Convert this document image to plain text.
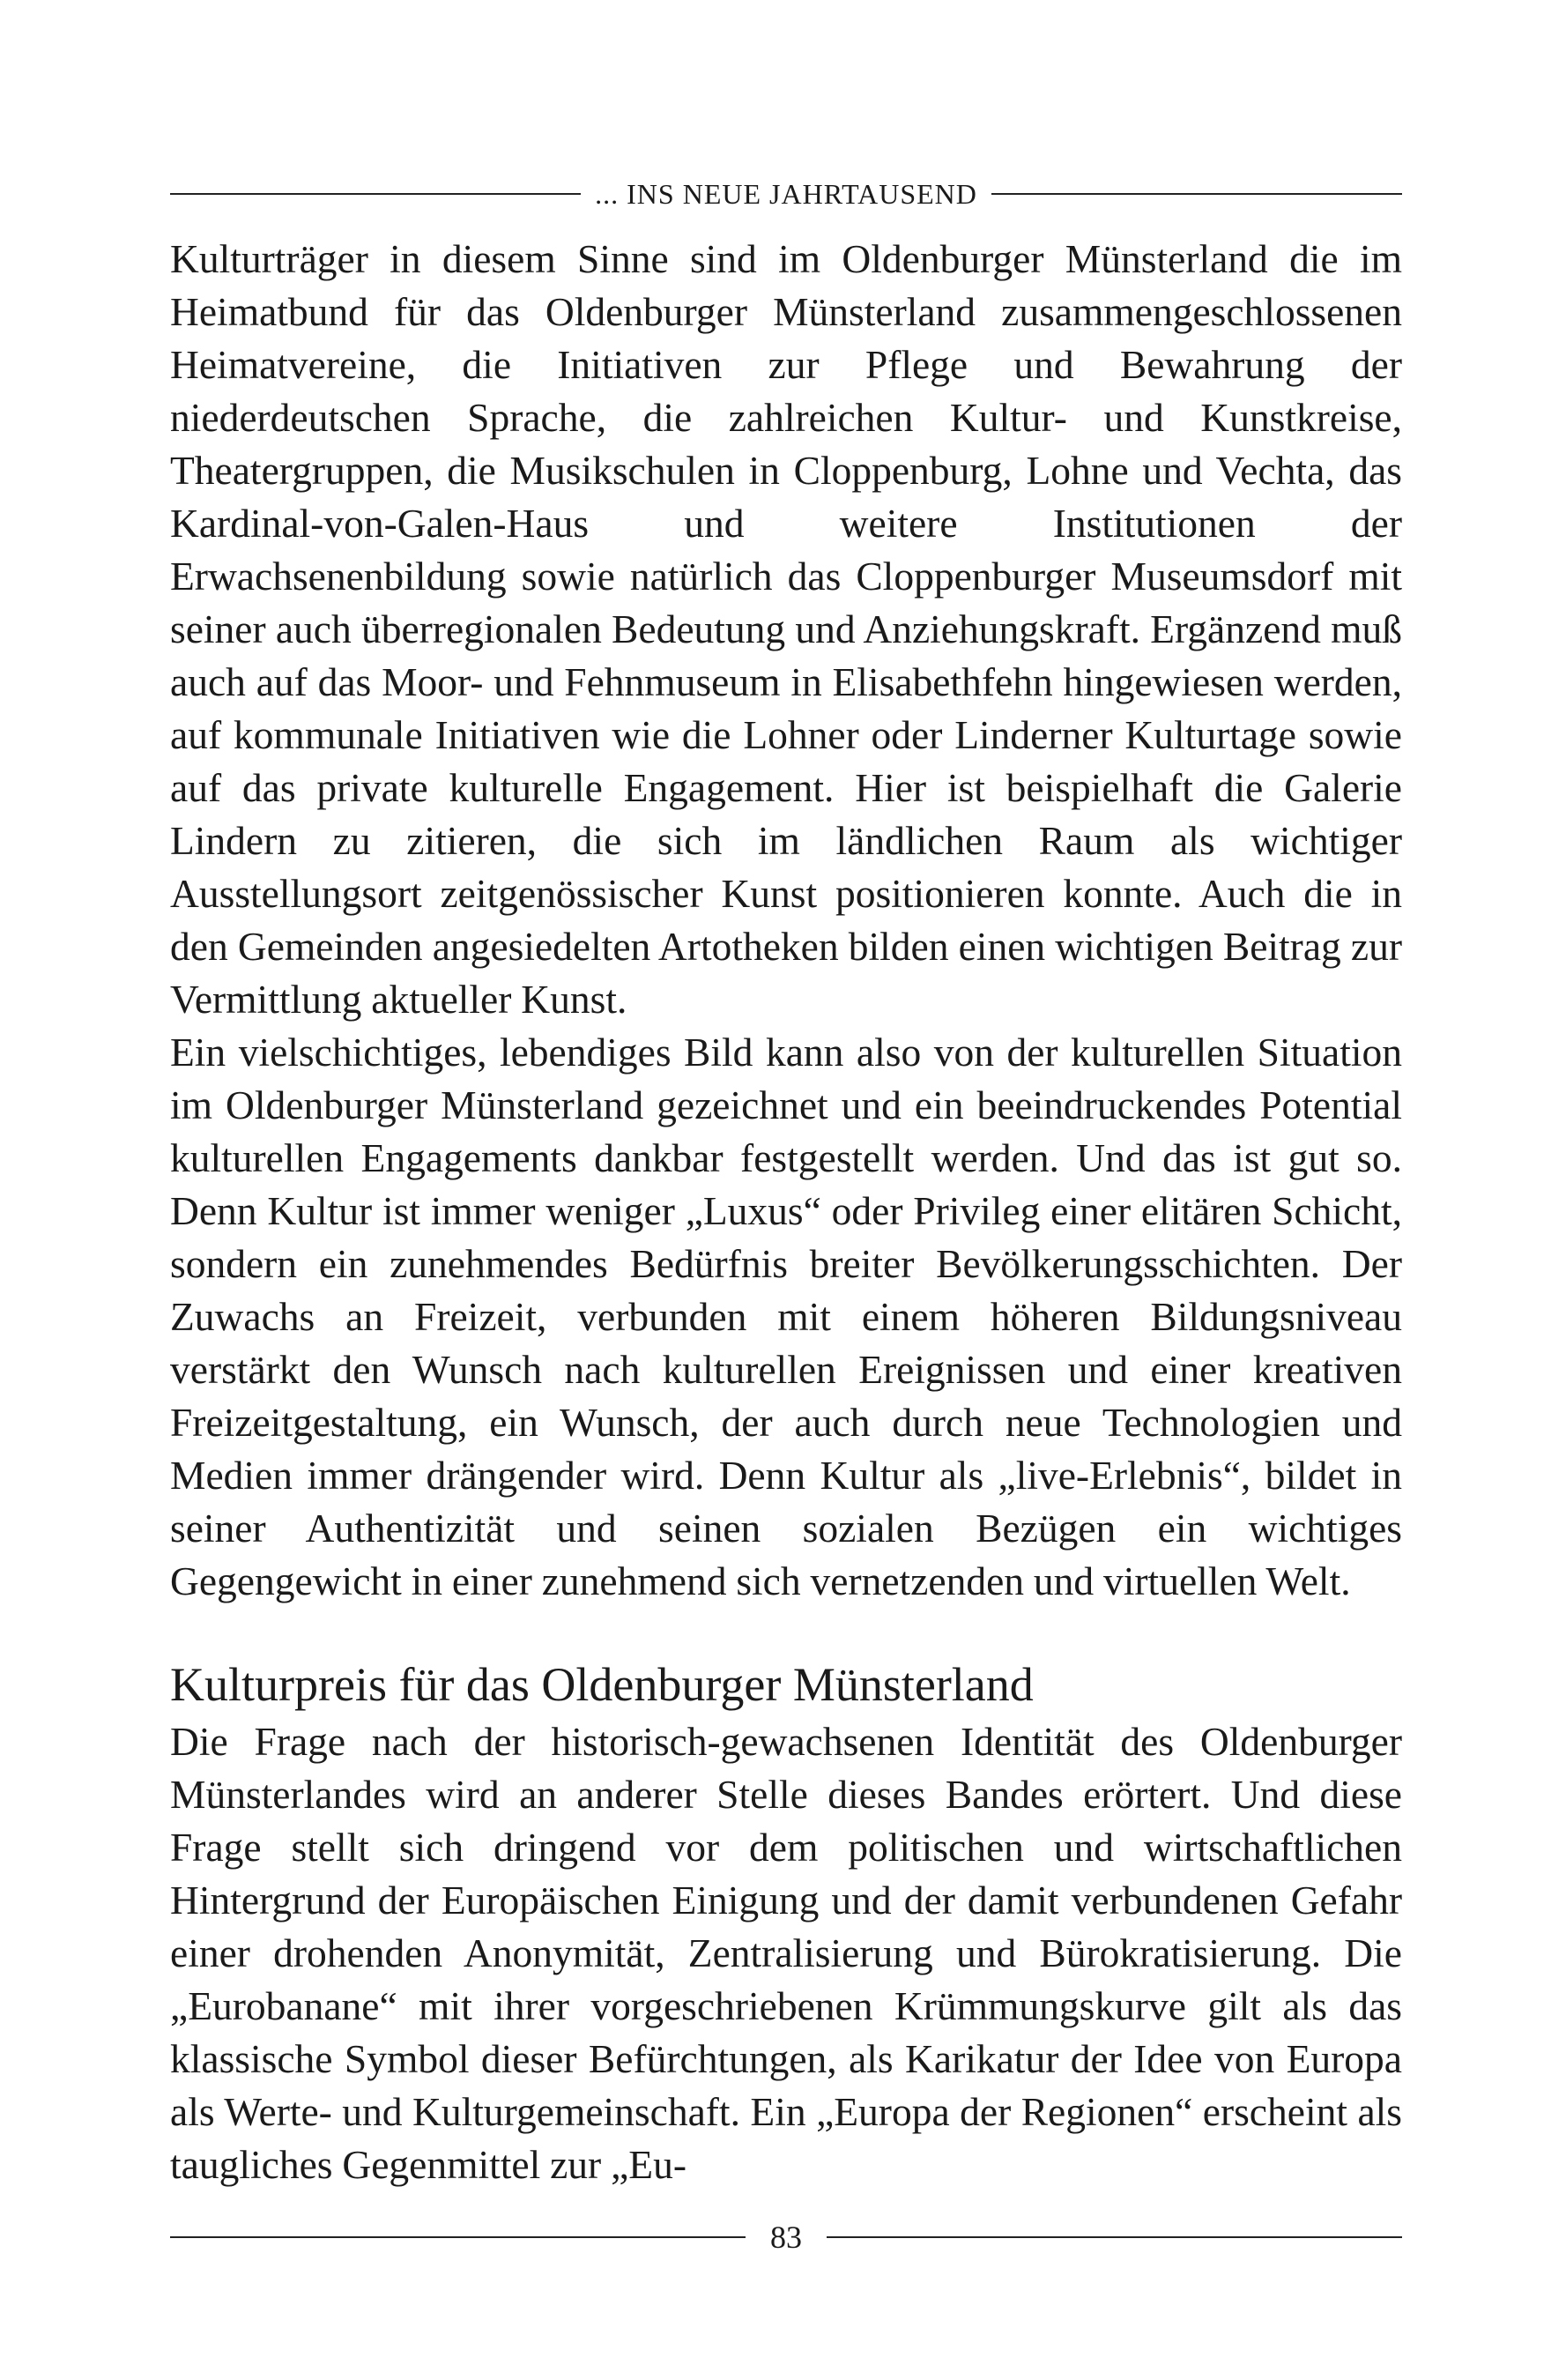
... INS NEUE JAHRTAUSEND

Kulturträger in diesem Sinne sind im Oldenburger Münsterland die im Heimatbund für das Oldenburger Münsterland zusammengeschlossenen Heimatvereine, die Initiativen zur Pflege und Bewahrung der niederdeutschen Sprache, die zahlreichen Kultur- und Kunstkreise, Theatergruppen, die Musikschulen in Cloppenburg, Lohne und Vechta, das Kardinal-von-Galen-Haus und weitere Institutionen der Erwachsenenbildung sowie natürlich das Cloppenburger Museumsdorf mit seiner auch überregionalen Bedeutung und Anziehungskraft. Ergänzend muß auch auf das Moor- und Fehnmuseum in Elisabethfehn hingewiesen werden, auf kommunale Initiativen wie die Lohner oder Linderner Kulturtage sowie auf das private kulturelle Engagement. Hier ist beispielhaft die Galerie Lindern zu zitieren, die sich im ländlichen Raum als wichtiger Ausstellungsort zeitgenössischer Kunst positionieren konnte. Auch die in den Gemeinden angesiedelten Artotheken bilden einen wichtigen Beitrag zur Vermittlung aktueller Kunst.

Ein vielschichtiges, lebendiges Bild kann also von der kulturellen Situation im Oldenburger Münsterland gezeichnet und ein beeindruckendes Potential kulturellen Engagements dankbar festgestellt werden. Und das ist gut so. Denn Kultur ist immer weniger „Luxus“ oder Privileg einer elitären Schicht, sondern ein zunehmendes Bedürfnis breiter Bevölkerungsschichten. Der Zuwachs an Freizeit, verbunden mit einem höheren Bildungsniveau verstärkt den Wunsch nach kulturellen Ereignissen und einer kreativen Freizeitgestaltung, ein Wunsch, der auch durch neue Technologien und Medien immer drängender wird. Denn Kultur als „live-Erlebnis“, bildet in seiner Authentizität und seinen sozialen Bezügen ein wichtiges Gegengewicht in einer zunehmend sich vernetzenden und virtuellen Welt.

Kulturpreis für das Oldenburger Münsterland

Die Frage nach der historisch-gewachsenen Identität des Oldenburger Münsterlandes wird an anderer Stelle dieses Bandes erörtert. Und diese Frage stellt sich dringend vor dem politischen und wirtschaftlichen Hintergrund der Europäischen Einigung und der damit verbundenen Gefahr einer drohenden Anonymität, Zentralisierung und Bürokratisierung. Die „Eurobanane“ mit ihrer vorgeschriebenen Krümmungskurve gilt als das klassische Symbol dieser Befürchtungen, als Karikatur der Idee von Europa als Werte- und Kulturgemeinschaft. Ein „Europa der Regionen“ erscheint als taugliches Gegenmittel zur „Eu-

83
